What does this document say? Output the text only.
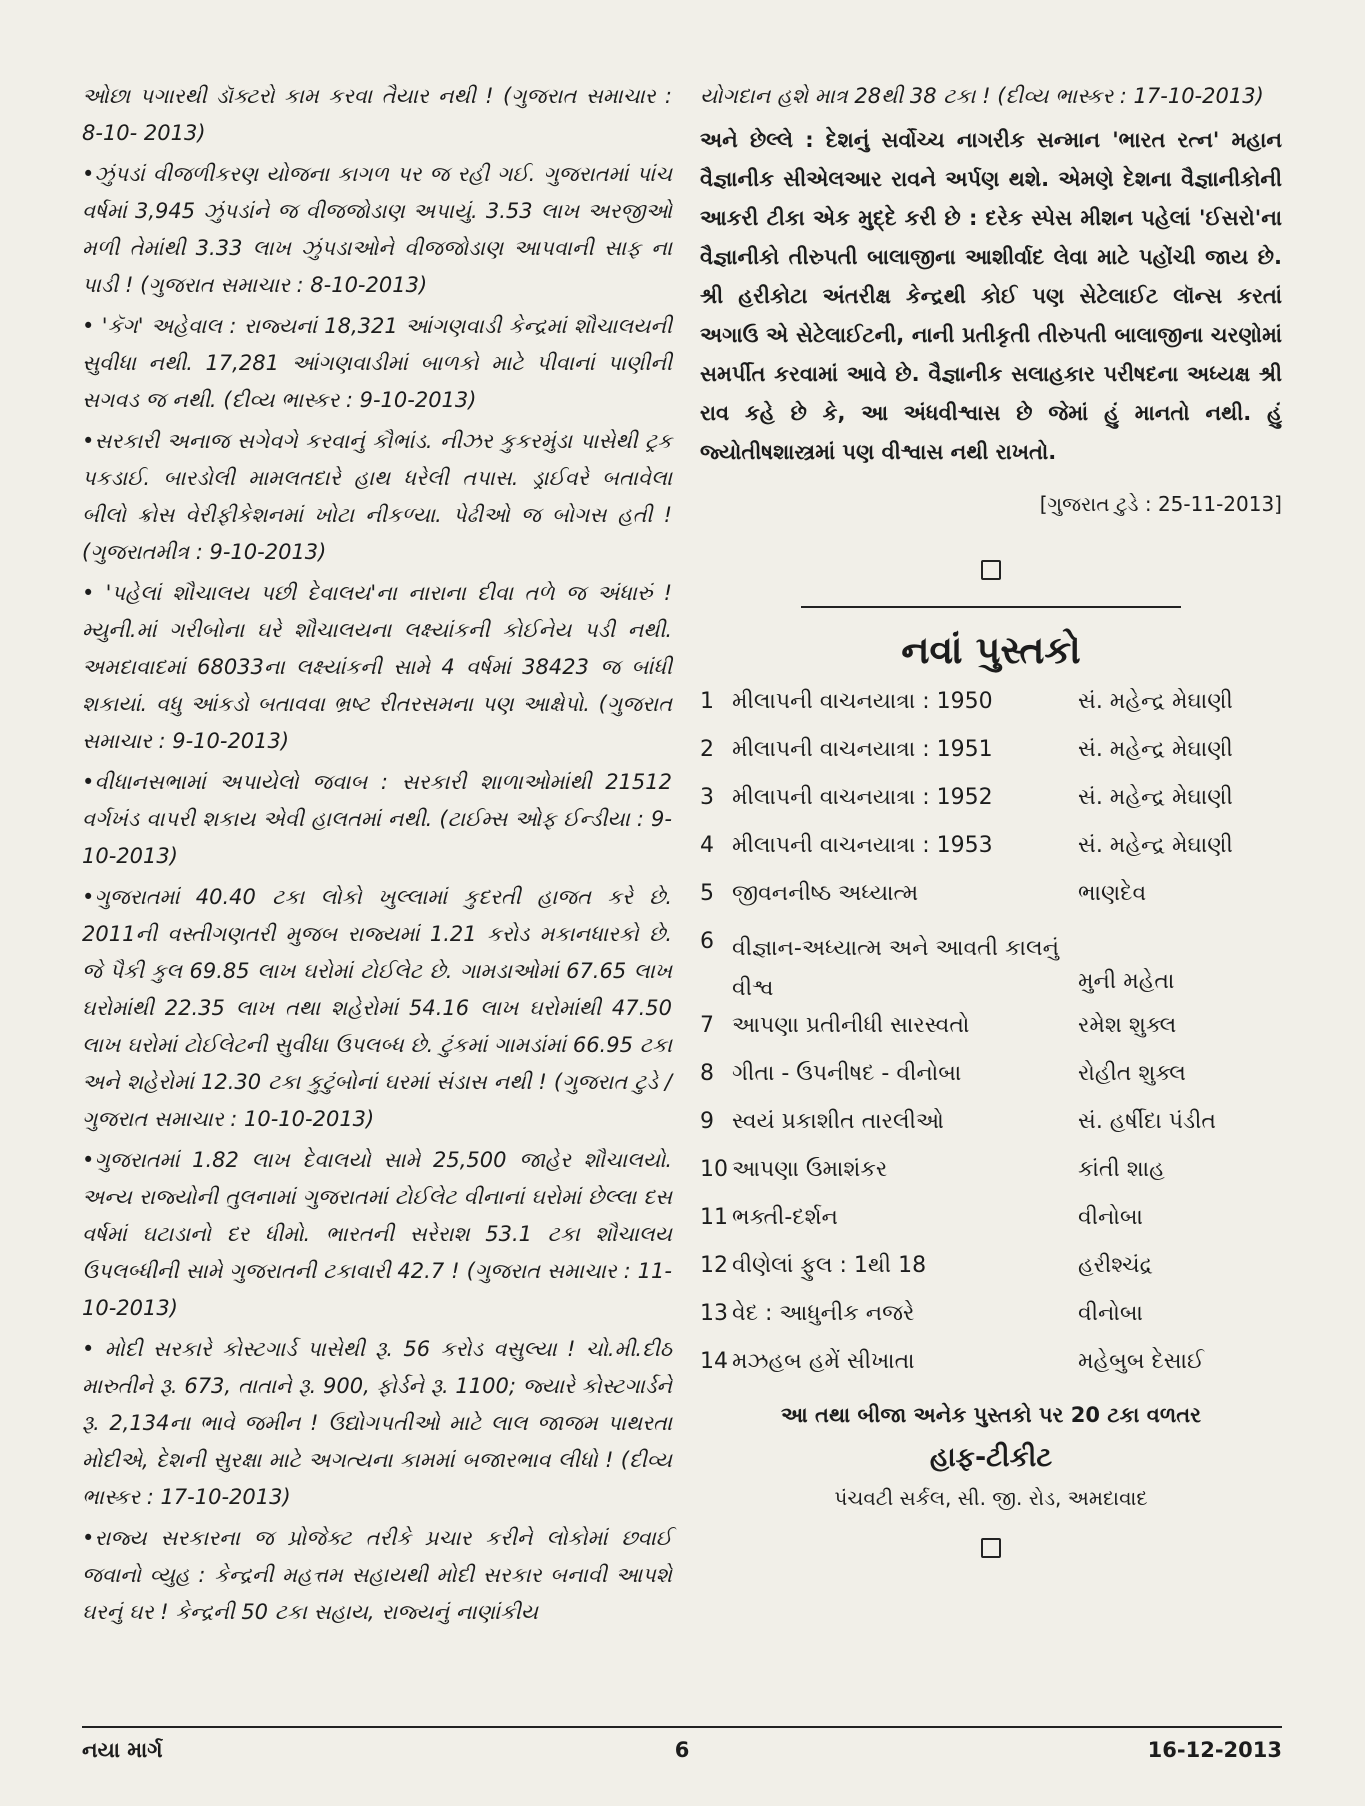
ઓછા પગારથી ડૉક્ટરો કામ કરવા તૈયાર નથી ! (ગુજરાત સમાચાર : 8-10- 2013)

•ઝુંપડાં વીજળીકરણ યોજના કાગળ પર જ રહી ગઈ. ગુજરાતમાં પાંચ વર્ષમાં 3,945 ઝુંપડાંને જ વીજજોડાણ અપાયું. 3.53 લાખ અરજીઓ મળી તેમાંથી 3.33 લાખ ઝુંપડાઓને વીજજોડાણ આપવાની સાફ ના પાડી ! (ગુજરાત સમાચાર : 8-10-2013)

• 'કૅગ' અહેવાલ : રાજ્યનાં 18,321 આંગણવાડી કેન્દ્રમાં શૌચાલયની સુવીધા નથી. 17,281 આંગણવાડીમાં બાળકો માટે પીવાનાં પાણીની સગવડ જ નથી. (દીવ્ય ભાસ્કર : 9-10-2013)

•સરકારી અનાજ સગેવગે કરવાનું કૌભાંડ. નીઝર કુકરમુંડા પાસેથી ટ્રક પકડાઈ. બારડોલી મામલતદારે હાથ ધરેલી તપાસ. ડ્રાઈવરે બતાવેલા બીલો ક્રોસ વેરીફીકેશનમાં ખોટા નીકળ્યા. પેઢીઓ જ બોગસ હતી ! (ગુજરાતમીત્ર : 9-10-2013)

• 'પહેલાં શૌચાલય પછી દેવાલય'ના નારાના દીવા તળે જ અંધારું ! મ્યુની.માં ગરીબોના ઘરે શૌચાલયના લક્ષ્યાંકની કોઈનેય પડી નથી. અમદાવાદમાં 68033ના લક્ષ્યાંકની સામે 4 વર્ષમાં 38423 જ બાંધી શકાયાં. વધુ આંકડો બતાવવા ભ્રષ્ટ રીતરસમના પણ આક્ષેપો. (ગુજરાત સમાચાર : 9-10-2013)

•વીધાનસભામાં અપાયેલો જવાબ : સરકારી શાળાઓમાંથી 21512 વર્ગખંડ વાપરી શકાય એવી હાલતમાં નથી. (ટાઈમ્સ ઓફ ઈન્ડીયા : 9-10-2013)

•ગુજરાતમાં 40.40 ટકા લોકો ખુલ્લામાં કુદરતી હાજત કરે છે. 2011ની વસ્તીગણતરી મુજબ રાજ્યમાં 1.21 કરોડ મકાનધારકો છે. જે પૈકી કુલ 69.85 લાખ ઘરોમાં ટોઈલેટ છે. ગામડાઓમાં 67.65 લાખ ઘરોમાંથી 22.35 લાખ તથા શહેરોમાં 54.16 લાખ ઘરોમાંથી 47.50 લાખ ઘરોમાં ટોઈલેટની સુવીધા ઉપલબ્ધ છે. ટુંકમાં ગામડાંમાં 66.95 ટકા અને શહેરોમાં 12.30 ટકા કુટુંબોનાં ઘરમાં સંડાસ નથી ! (ગુજરાત ટુડે /ગુજરાત સમાચાર : 10-10-2013)

•ગુજરાતમાં 1.82 લાખ દેવાલયો સામે 25,500 જાહેર શૌચાલયો. અન્ય રાજ્યોની તુલનામાં ગુજરાતમાં ટોઈલેટ વીનાનાં ઘરોમાં છેલ્લા દસ વર્ષમાં ઘટાડાનો દર ધીમો. ભારતની સરેરાશ 53.1 ટકા શૌચાલય ઉપલબ્ધીની સામે ગુજરાતની ટકાવારી 42.7 ! (ગુજરાત સમાચાર : 11-10-2013)

• મોદી સરકારે કોસ્ટગાર્ડ પાસેથી રૂ. 56 કરોડ વસુલ્યા ! ચો.મી.દીઠ મારુતીને રૂ. 673, તાતાને રૂ. 900, ફોર્ડને રૂ. 1100; જ્યારે કોસ્ટગાર્ડને રૂ. 2,134ના ભાવે જમીન ! ઉદ્યોગપતીઓ માટે લાલ જાજમ પાથરતા મોદીએ, દેશની સુરક્ષા માટે અગત્યના કામમાં બજારભાવ લીધો ! (દીવ્ય ભાસ્કર : 17-10-2013)

•રાજ્ય સરકારના જ પ્રોજેક્ટ તરીકે પ્રચાર કરીને લોકોમાં છવાઈ જવાનો વ્યુહ : કેન્દ્રની મહત્તમ સહાયથી મોદી સરકાર બનાવી આપશે ઘરનું ઘર ! કેન્દ્રની 50 ટકા સહાય, રાજ્યનું નાણાંકીય

યોગદાન હશે માત્ર 28થી 38 ટકા ! (દીવ્ય ભાસ્કર : 17-10-2013)

અને છેલ્લે : દેશનું સર્વોચ્ચ નાગરીક સન્માન 'ભારત રત્ન' મહાન વૈજ્ઞાનીક સીએલઆર રાવને અર્પણ થશે. એમણે દેશના વૈજ્ઞાનીકોની આકરી ટીકા એક મુદ્દે કરી છે : દરેક સ્પેસ મીશન પહેલાં 'ઈસરો'ના વૈજ્ઞાનીકો તીરુપતી બાલાજીના આશીર્વાદ લેવા માટે પહોંચી જાય છે. શ્રી હરીકોટા અંતરીક્ષ કેન્દ્રથી કોઈ પણ સેટેલાઈટ લૉન્સ કરતાં અગાઉ એ સેટેલાઈટની, નાની પ્રતીકૃતી તીરુપતી બાલાજીના ચરણોમાં સમર્પીત કરવામાં આવે છે. વૈજ્ઞાનીક સલાહકાર પરીષદના અધ્યક્ષ શ્રી રાવ કહે છે કે, આ અંધવીશ્વાસ છે જેમાં હું માનતો નથી. હું જ્યોતીષશાસ્ત્રમાં પણ વીશ્વાસ નથી રાખતો.

[ગુજરાત ટુડે : 25-11-2013]

નવાં પુસ્તકો
1 મીલાપની વાચનયાત્રા : 1950	સં. મહેન્દ્ર મેઘાણી
2 મીલાપની વાચનયાત્રા : 1951	સં. મહેન્દ્ર મેઘાણી
3 મીલાપની વાચનયાત્રા : 1952	સં. મહેન્દ્ર મેઘાણી
4 મીલાપની વાચનયાત્રા : 1953	સં. મહેન્દ્ર મેઘાણી
5 જીવનનીષ્ઠ અધ્યાત્મ	ભાણદેવ
6 વીજ્ઞાન-અધ્યાત્મ અને આવતી કાલનું વીશ્વ	મુની મહેતા
7 આપણા પ્રતીનીધી સારસ્વતો	રમેશ શુક્લ
8 ગીતા - ઉપનીષદ - વીનોબા	રોહીત શુક્લ
9 સ્વયં પ્રકાશીત તારલીઓ	સં. હર્ષીદા પંડીત
10 આપણા ઉમાશંકર	કાંતી શાહ
11 ભક્તી-દર્શન	વીનોબા
12 વીણેલાં ફુલ : 1થી 18	હરીશ્ચંદ્ર
13 વેદ : આધુનીક નજરે	વીનોબા
14 મઝહબ હમેં સીખાતા	મહેબુબ દેસાઈ

આ તથા બીજા અનેક પુસ્તકો પર 20 ટકા વળતર

હાફ-ટીકીટ

પંચવટી સર્કલ, સી. જી. રોડ, અમદાવાદ

નયા માર્ગ	6	16-12-2013
